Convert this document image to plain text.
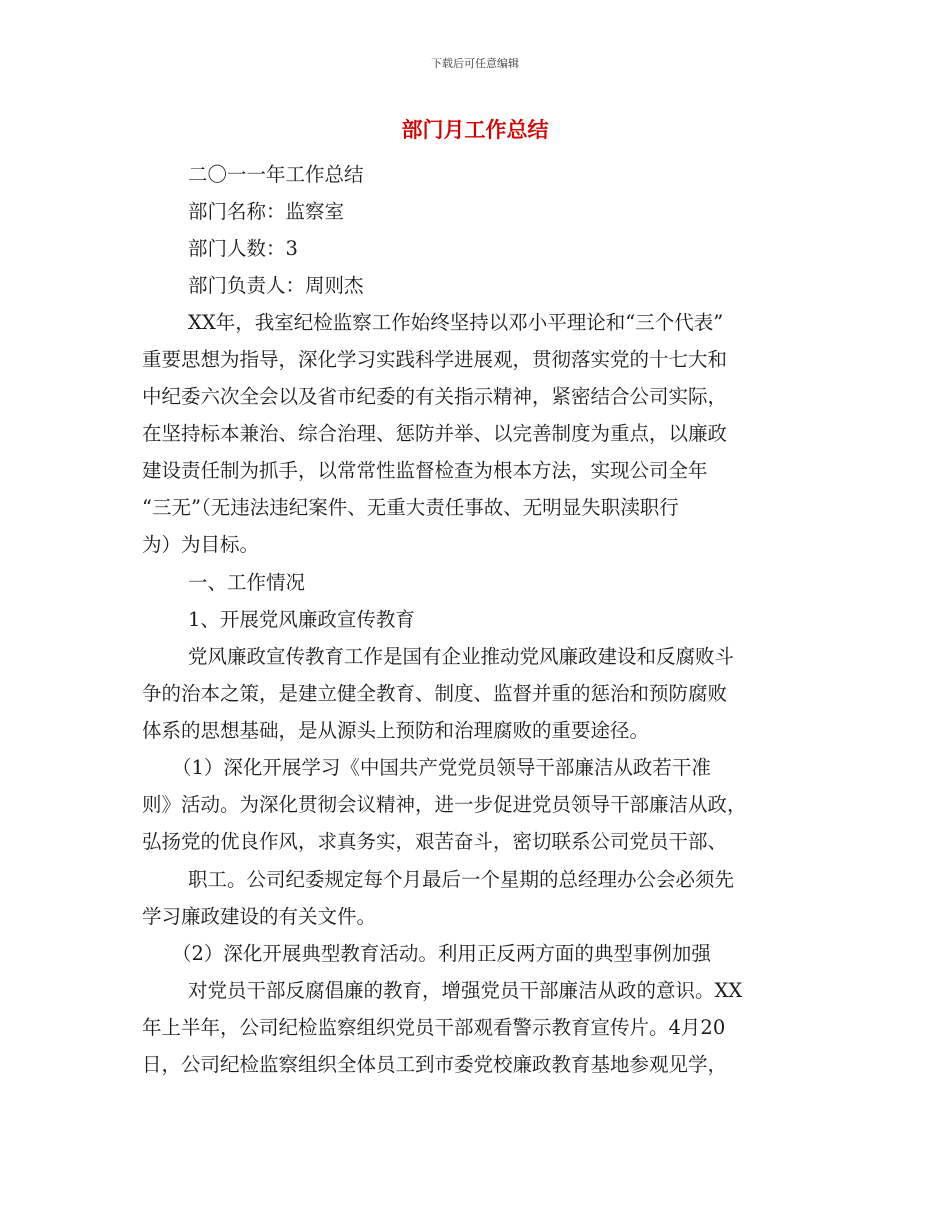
下载后可任意编辑
部门月工作总结
二〇一一年工作总结
部门名称：监察室
部门人数：3
部门负责人：周则杰
XX年，我室纪检监察工作始终坚持以邓小平理论和“三个代表”
重要思想为指导，深化学习实践科学进展观，贯彻落实党的十七大和
中纪委六次全会以及省市纪委的有关指示精神，紧密结合公司实际，
在坚持标本兼治、综合治理、惩防并举、以完善制度为重点，以廉政
建设责任制为抓手，以常常性监督检查为根本方法，实现公司全年
“三无”（无违法违纪案件、无重大责任事故、无明显失职渎职行
为）为目标。
一、工作情况
1、开展党风廉政宣传教育
党风廉政宣传教育工作是国有企业推动党风廉政建设和反腐败斗
争的治本之策，是建立健全教育、制度、监督并重的惩治和预防腐败
体系的思想基础，是从源头上预防和治理腐败的重要途径。
（1）深化开展学习《中国共产党党员领导干部廉洁从政若干准
则》活动。为深化贯彻会议精神，进一步促进党员领导干部廉洁从政，
弘扬党的优良作风，求真务实，艰苦奋斗，密切联系公司党员干部、
职工。公司纪委规定每个月最后一个星期的总经理办公会必须先
学习廉政建设的有关文件。
（2）深化开展典型教育活动。利用正反两方面的典型事例加强
对党员干部反腐倡廉的教育，增强党员干部廉洁从政的意识。XX
年上半年，公司纪检监察组织党员干部观看警示教育宣传片。4月20
日，公司纪检监察组织全体员工到市委党校廉政教育基地参观见学，
